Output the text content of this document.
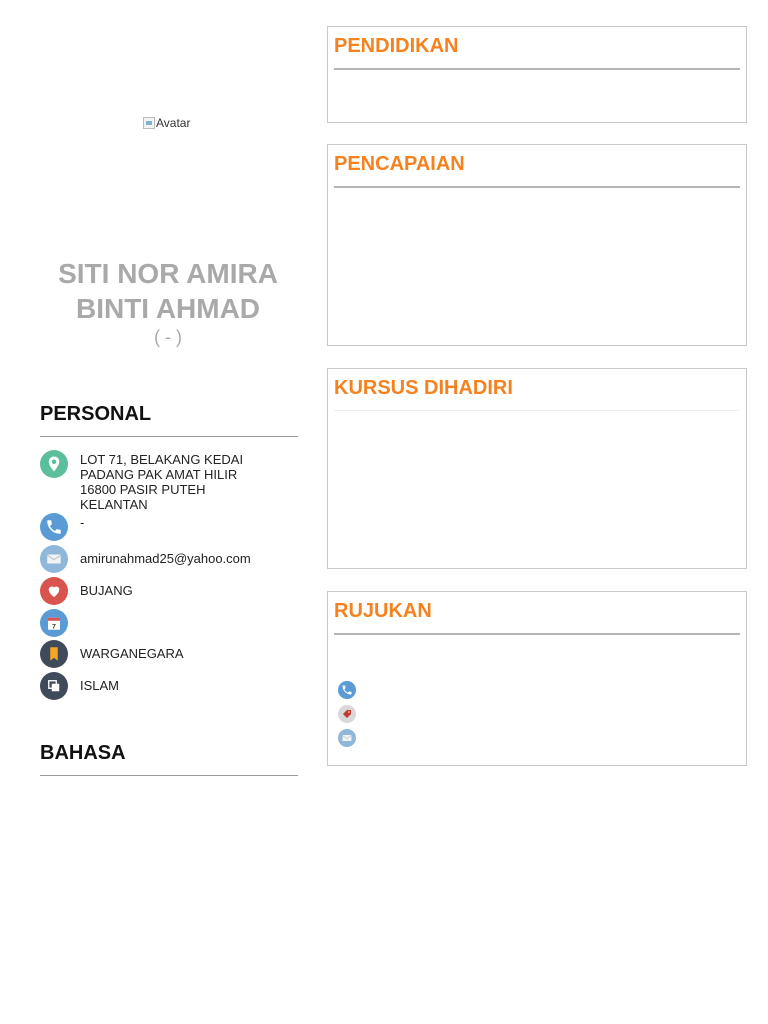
Avatar
SITI NOR AMIRA
BINTI AHMAD
( - )
PERSONAL
LOT 71, BELAKANG KEDAI
PADANG PAK AMAT HILIR
16800 PASIR PUTEH
KELANTAN
-
amirunahmad25@yahoo.com
BUJANG
7
WARGANEGARA
ISLAM
BAHASA
PENDIDIKAN
PENCAPAIAN
KURSUS DIHADIRI
RUJUKAN
